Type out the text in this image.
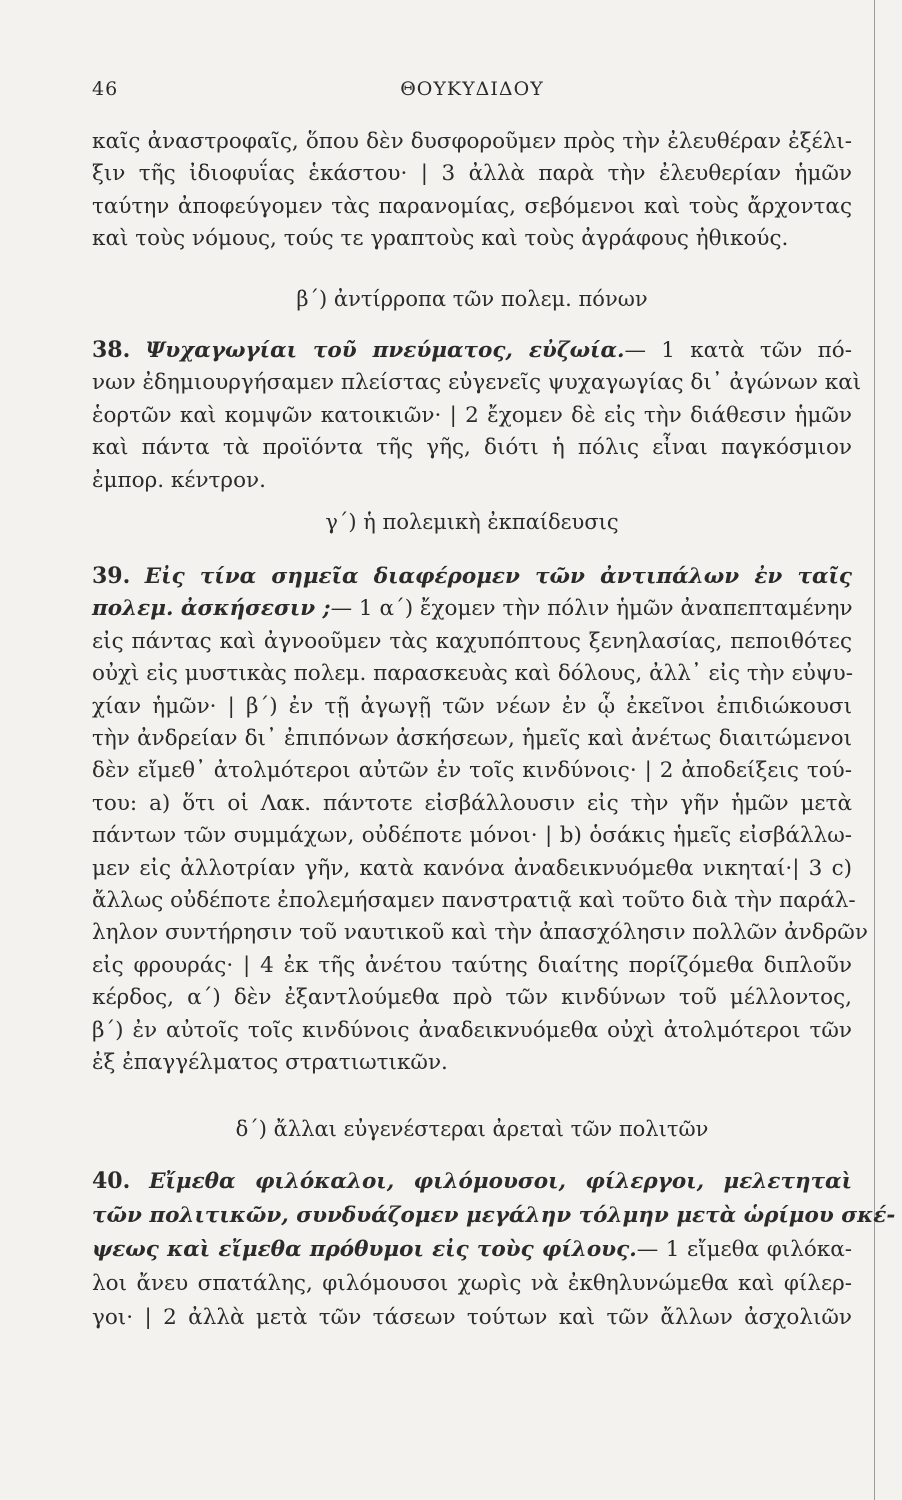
46	ΘΟΥΚΥΔΙΔΟΥ
καῖς ἀναστροφαῖς, ὅπου δὲν δυσφοροῦμεν πρὸς τὴν ἐλευθέραν ἐξέλι-
ξιν τῆς ἰδιοφυΐας ἑκάστου· | 3 ἀλλὰ παρὰ τὴν ἐλευθερίαν ἡμῶν
ταύτην ἀποφεύγομεν τὰς παρανομίας, σεβόμενοι καὶ τοὺς ἄρχοντας
καὶ τοὺς νόμους, τούς τε γραπτοὺς καὶ τοὺς ἀγράφους ἠθικούς.
β΄) ἀντίρροπα τῶν πολεμ. πόνων
38. Ψυχαγωγίαι τοῦ πνεύματος, εὐζωία.— 1 κατὰ τῶν πό-
νων ἐδημιουργήσαμεν πλείστας εὐγενεῖς ψυχαγωγίας δι᾽ ἀγώνων καὶ
ἑορτῶν καὶ κομψῶν κατοικιῶν· | 2 ἔχομεν δὲ εἰς τὴν διάθεσιν ἡμῶν
καὶ πάντα τὰ προϊόντα τῆς γῆς, διότι ἡ πόλις εἶναι παγκόσμιον
ἐμπορ. κέντρον.
γ΄) ἡ πολεμικὴ ἐκπαίδευσις
39. Εἰς τίνα σημεῖα διαφέρομεν τῶν ἀντιπάλων ἐν ταῖς
πολεμ. ἀσκήσεσιν ;— 1 α΄) ἔχομεν τὴν πόλιν ἡμῶν ἀναπεπταμένην
εἰς πάντας καὶ ἀγνοοῦμεν τὰς καχυπόπτους ξενηλασίας, πεποιθότες
οὐχὶ εἰς μυστικὰς πολεμ. παρασκευὰς καὶ δόλους, ἀλλ᾽ εἰς τὴν εὐψυ-
χίαν ἡμῶν· | β΄) ἐν τῇ ἀγωγῇ τῶν νέων ἐν ᾧ ἐκεῖνοι ἐπιδιώκουσι
τὴν ἀνδρείαν δι᾽ ἐπιπόνων ἀσκήσεων, ἡμεῖς καὶ ἀνέτως διαιτώμενοι
δὲν εἴμεθ᾽ ἀτολμότεροι αὐτῶν ἐν τοῖς κινδύνοις· | 2 ἀποδείξεις τού-
του: a) ὅτι οἱ Λακ. πάντοτε εἰσβάλλουσιν εἰς τὴν γῆν ἡμῶν μετὰ
πάντων τῶν συμμάχων, οὐδέποτε μόνοι· | b) ὁσάκις ἡμεῖς εἰσβάλλω-
μεν εἰς ἀλλοτρίαν γῆν, κατὰ κανόνα ἀναδεικνυόμεθα νικηταί·| 3 c)
ἄλλως οὐδέποτε ἐπολεμήσαμεν πανστρατιᾷ καὶ τοῦτο διὰ τὴν παράλ-
ληλον συντήρησιν τοῦ ναυτικοῦ καὶ τὴν ἀπασχόλησιν πολλῶν ἀνδρῶν
εἰς φρουράς· | 4 ἐκ τῆς ἀνέτου ταύτης διαίτης πορίζόμεθα διπλοῦν
κέρδος, α΄) δὲν ἐξαντλούμεθα πρὸ τῶν κινδύνων τοῦ μέλλοντος,
β΄) ἐν αὐτοῖς τοῖς κινδύνοις ἀναδεικνυόμεθα οὐχὶ ἀτολμότεροι τῶν
ἐξ ἐπαγγέλματος στρατιωτικῶν.
δ΄) ἄλλαι εὐγενέστεραι ἀρεταὶ τῶν πολιτῶν
40. Εἴμεθα φιλόκαλοι, φιλόμουσοι, φίλεργοι, μελετηταὶ
τῶν πολιτικῶν, συνδυάζομεν μεγάλην τόλμην μετὰ ὡρίμου σκέ-
ψεως καὶ εἴμεθα πρόθυμοι εἰς τοὺς φίλους.— 1 εἴμεθα φιλόκα-
λοι ἄνευ σπατάλης, φιλόμουσοι χωρὶς νὰ ἐκθηλυνώμεθα καὶ φίλερ-
γοι· | 2 ἀλλὰ μετὰ τῶν τάσεων τούτων καὶ τῶν ἄλλων ἀσχολιῶν
